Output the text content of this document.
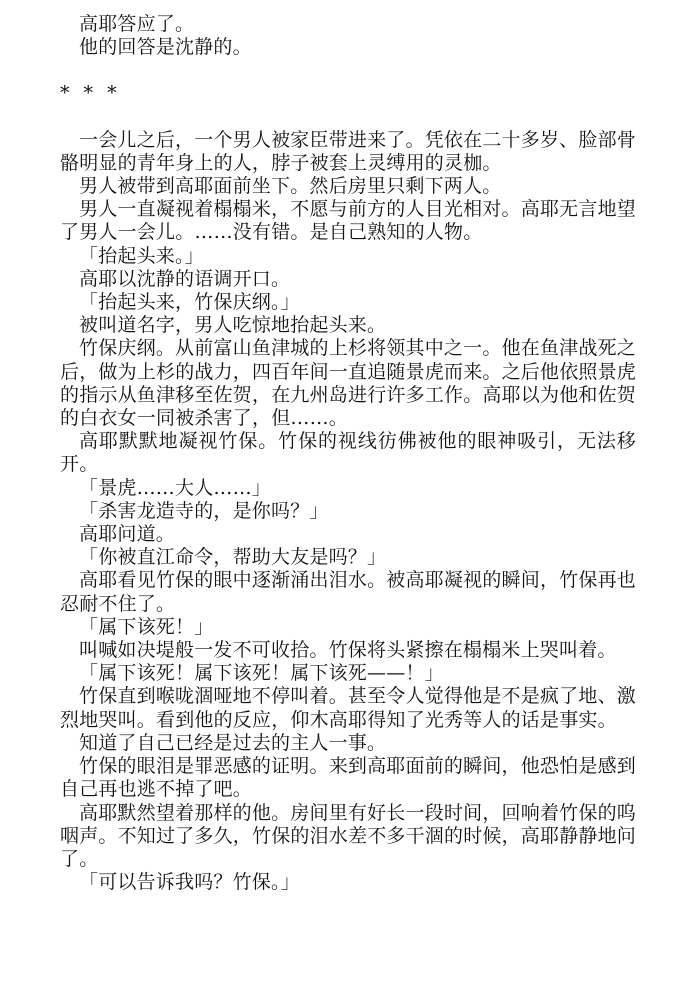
高耶答应了。

他的回答是沈静的。

* * *

一会儿之后，一个男人被家臣带进来了。凭依在二十多岁、脸部骨骼明显的青年身上的人，脖子被套上灵缚用的灵枷。

男人被带到高耶面前坐下。然后房里只剩下两人。

男人一直凝视着榻榻米，不愿与前方的人目光相对。高耶无言地望了男人一会儿。……没有错。是自己熟知的人物。

「抬起头来。」

高耶以沈静的语调开口。

「抬起头来，竹保庆纲。」

被叫道名字，男人吃惊地抬起头来。

竹保庆纲。从前富山鱼津城的上杉将领其中之一。他在鱼津战死之后，做为上杉的战力，四百年间一直追随景虎而来。之后他依照景虎的指示从鱼津移至佐贺，在九州岛进行许多工作。高耶以为他和佐贺的白衣女一同被杀害了，但……。

高耶默默地凝视竹保。竹保的视线彷佛被他的眼神吸引，无法移开。

「景虎……大人……」

「杀害龙造寺的，是你吗？」

高耶问道。

「你被直江命令，帮助大友是吗？」

高耶看见竹保的眼中逐渐涌出泪水。被高耶凝视的瞬间，竹保再也忍耐不住了。

「属下该死！」

叫喊如决堤般一发不可收拾。竹保将头紧擦在榻榻米上哭叫着。

「属下该死！属下该死！属下该死——！」

竹保直到喉咙涸哑地不停叫着。甚至令人觉得他是不是疯了地、激烈地哭叫。看到他的反应，仰木高耶得知了光秀等人的话是事实。

知道了自己已经是过去的主人一事。

竹保的眼泪是罪恶感的证明。来到高耶面前的瞬间，他恐怕是感到自己再也逃不掉了吧。

高耶默然望着那样的他。房间里有好长一段时间，回响着竹保的呜咽声。不知过了多久，竹保的泪水差不多干涸的时候，高耶静静地问了。

「可以告诉我吗？竹保。」
